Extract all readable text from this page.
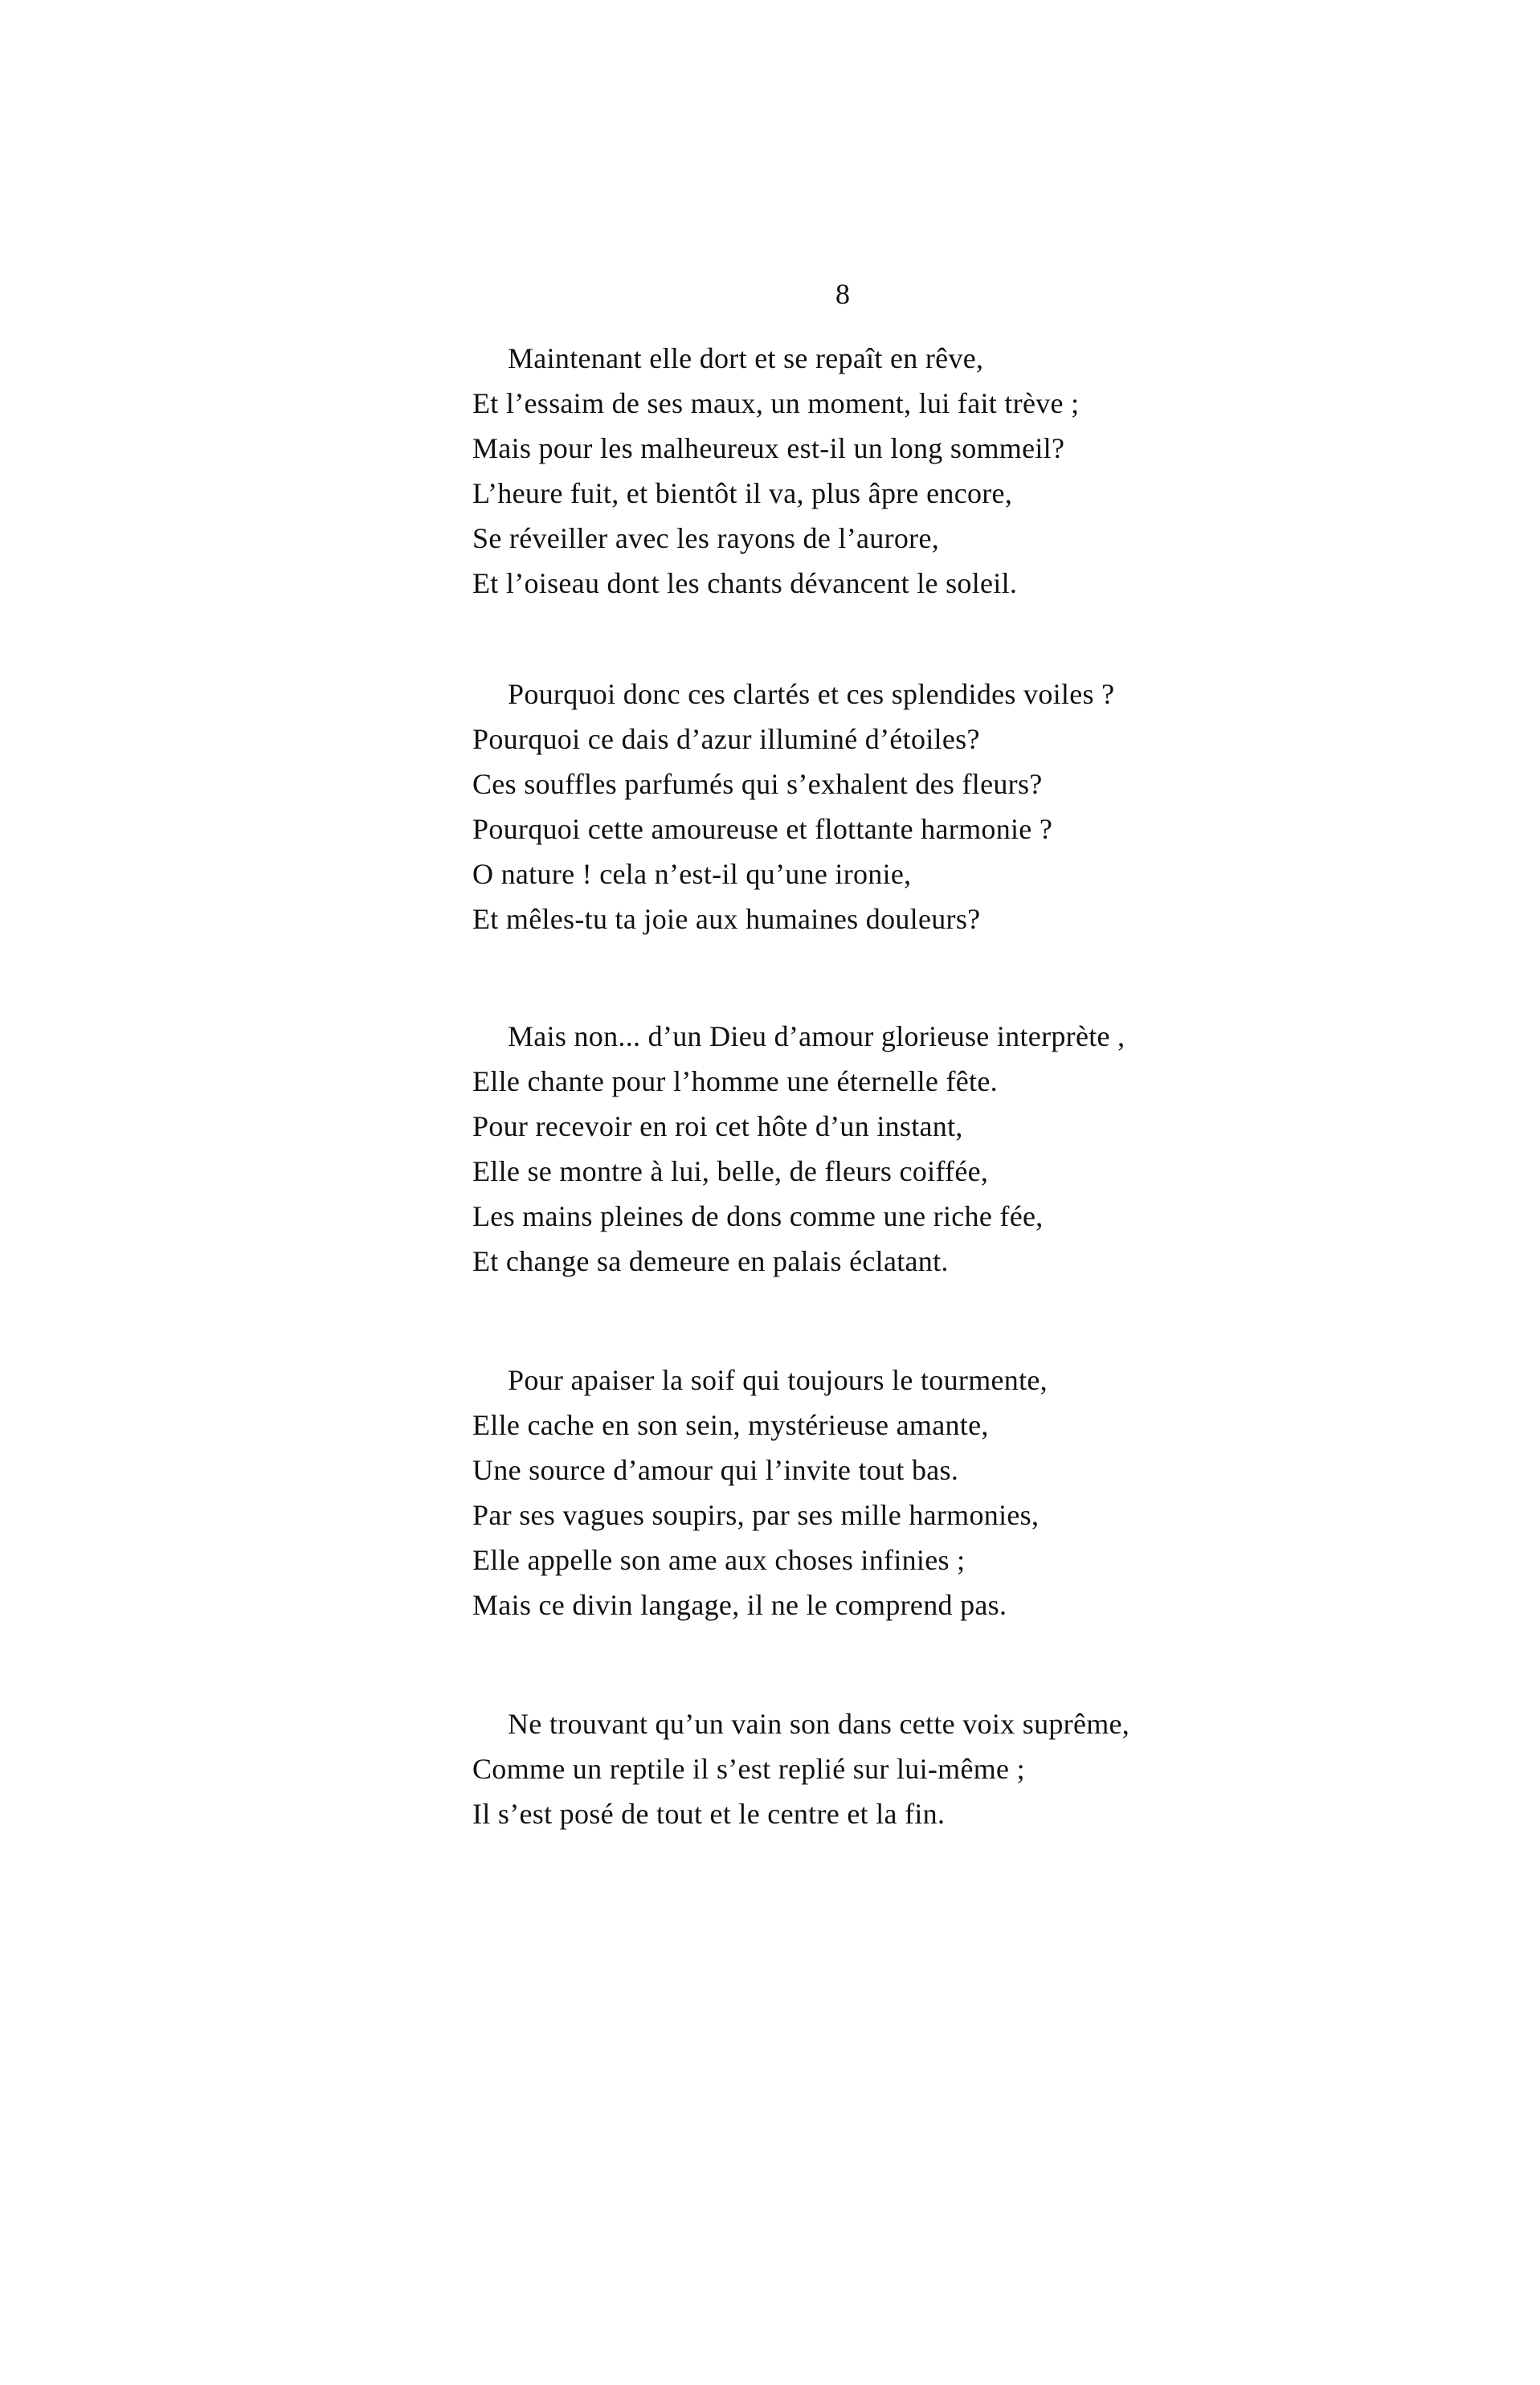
8
Maintenant elle dort et se repaît en rêve,
Et l’essaim de ses maux, un moment, lui fait trève ;
Mais pour les malheureux est-il un long sommeil?
L’heure fuit, et bientôt il va, plus âpre encore,
Se réveiller avec les rayons de l’aurore,
Et l’oiseau dont les chants dévancent le soleil.
Pourquoi donc ces clartés et ces splendides voiles ?
Pourquoi ce dais d’azur illuminé d’étoiles?
Ces souffles parfumés qui s’exhalent des fleurs?
Pourquoi cette amoureuse et flottante harmonie ?
O nature ! cela n’est-il qu’une ironie,
Et mêles-tu ta joie aux humaines douleurs?
Mais non... d’un Dieu d’amour glorieuse interprète ,
Elle chante pour l’homme une éternelle fête.
Pour recevoir en roi cet hôte d’un instant,
Elle se montre à lui, belle, de fleurs coiffée,
Les mains pleines de dons comme une riche fée,
Et change sa demeure en palais éclatant.
Pour apaiser la soif qui toujours le tourmente,
Elle cache en son sein, mystérieuse amante,
Une source d’amour qui l’invite tout bas.
Par ses vagues soupirs, par ses mille harmonies,
Elle appelle son ame aux choses infinies ;
Mais ce divin langage, il ne le comprend pas.
Ne trouvant qu’un vain son dans cette voix suprême,
Comme un reptile il s’est replié sur lui-même ;
Il s’est posé de tout et le centre et la fin.
